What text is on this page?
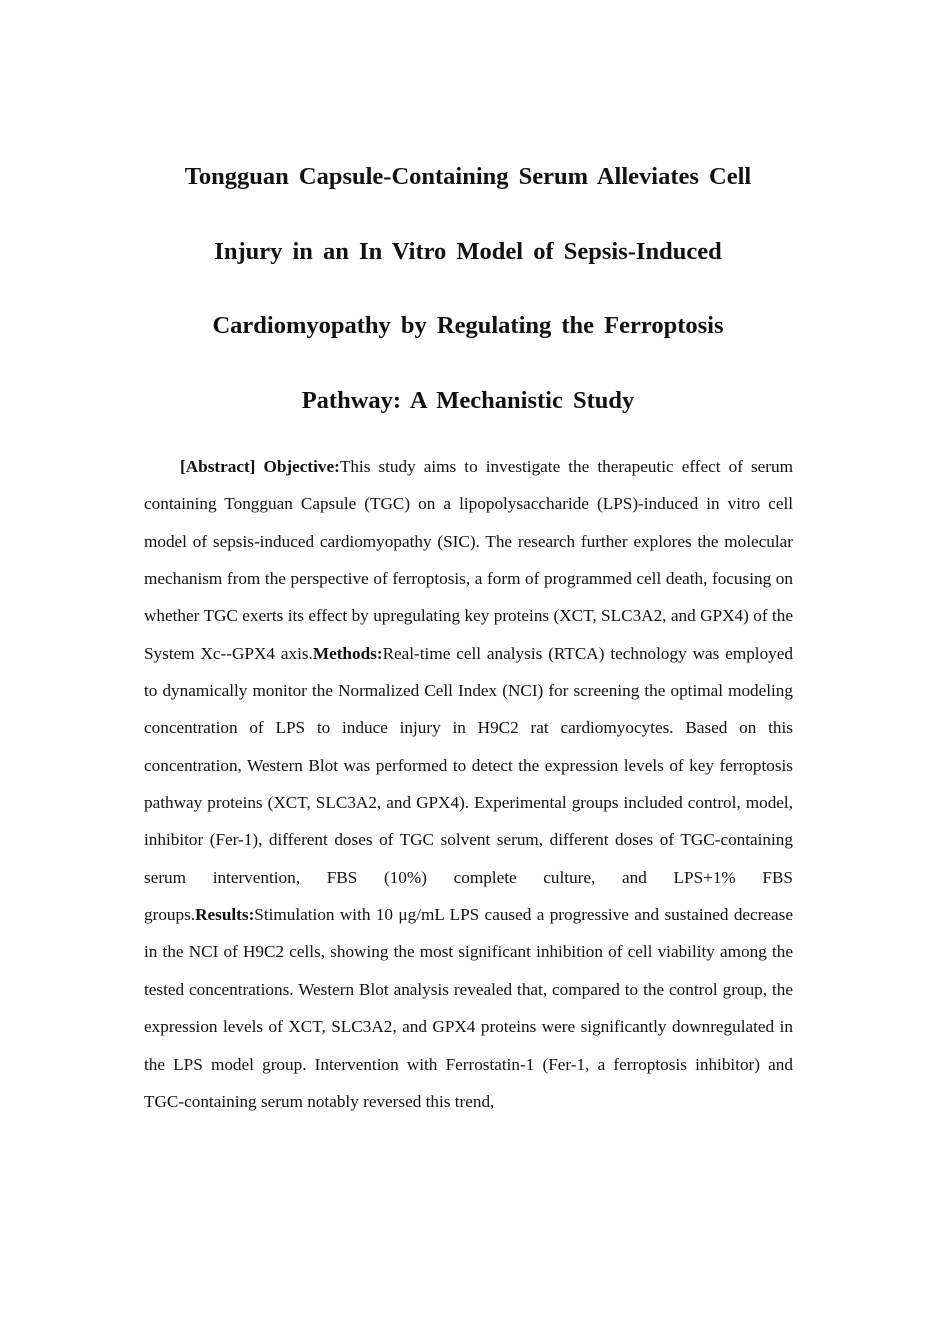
Tongguan Capsule-Containing Serum Alleviates Cell
Injury in an In Vitro Model of Sepsis-Induced
Cardiomyopathy by Regulating the Ferroptosis
Pathway: A Mechanistic Study

[Abstract] Objective:This study aims to investigate the therapeutic effect of serum containing Tongguan Capsule (TGC) on a lipopolysaccharide (LPS)-induced in vitro cell model of sepsis-induced cardiomyopathy (SIC). The research further explores the molecular mechanism from the perspective of ferroptosis, a form of programmed cell death, focusing on whether TGC exerts its effect by upregulating key proteins (XCT, SLC3A2, and GPX4) of the System Xc--GPX4 axis.Methods:Real-time cell analysis (RTCA) technology was employed to dynamically monitor the Normalized Cell Index (NCI) for screening the optimal modeling concentration of LPS to induce injury in H9C2 rat cardiomyocytes. Based on this concentration, Western Blot was performed to detect the expression levels of key ferroptosis pathway proteins (XCT, SLC3A2, and GPX4). Experimental groups included control, model, inhibitor (Fer-1), different doses of TGC solvent serum, different doses of TGC-containing serum intervention, FBS (10%) complete culture, and LPS+1% FBS groups.Results:Stimulation with 10 μg/mL LPS caused a progressive and sustained decrease in the NCI of H9C2 cells, showing the most significant inhibition of cell viability among the tested concentrations. Western Blot analysis revealed that, compared to the control group, the expression levels of XCT, SLC3A2, and GPX4 proteins were significantly downregulated in the LPS model group. Intervention with Ferrostatin-1 (Fer-1, a ferroptosis inhibitor) and TGC-containing serum notably reversed this trend,
